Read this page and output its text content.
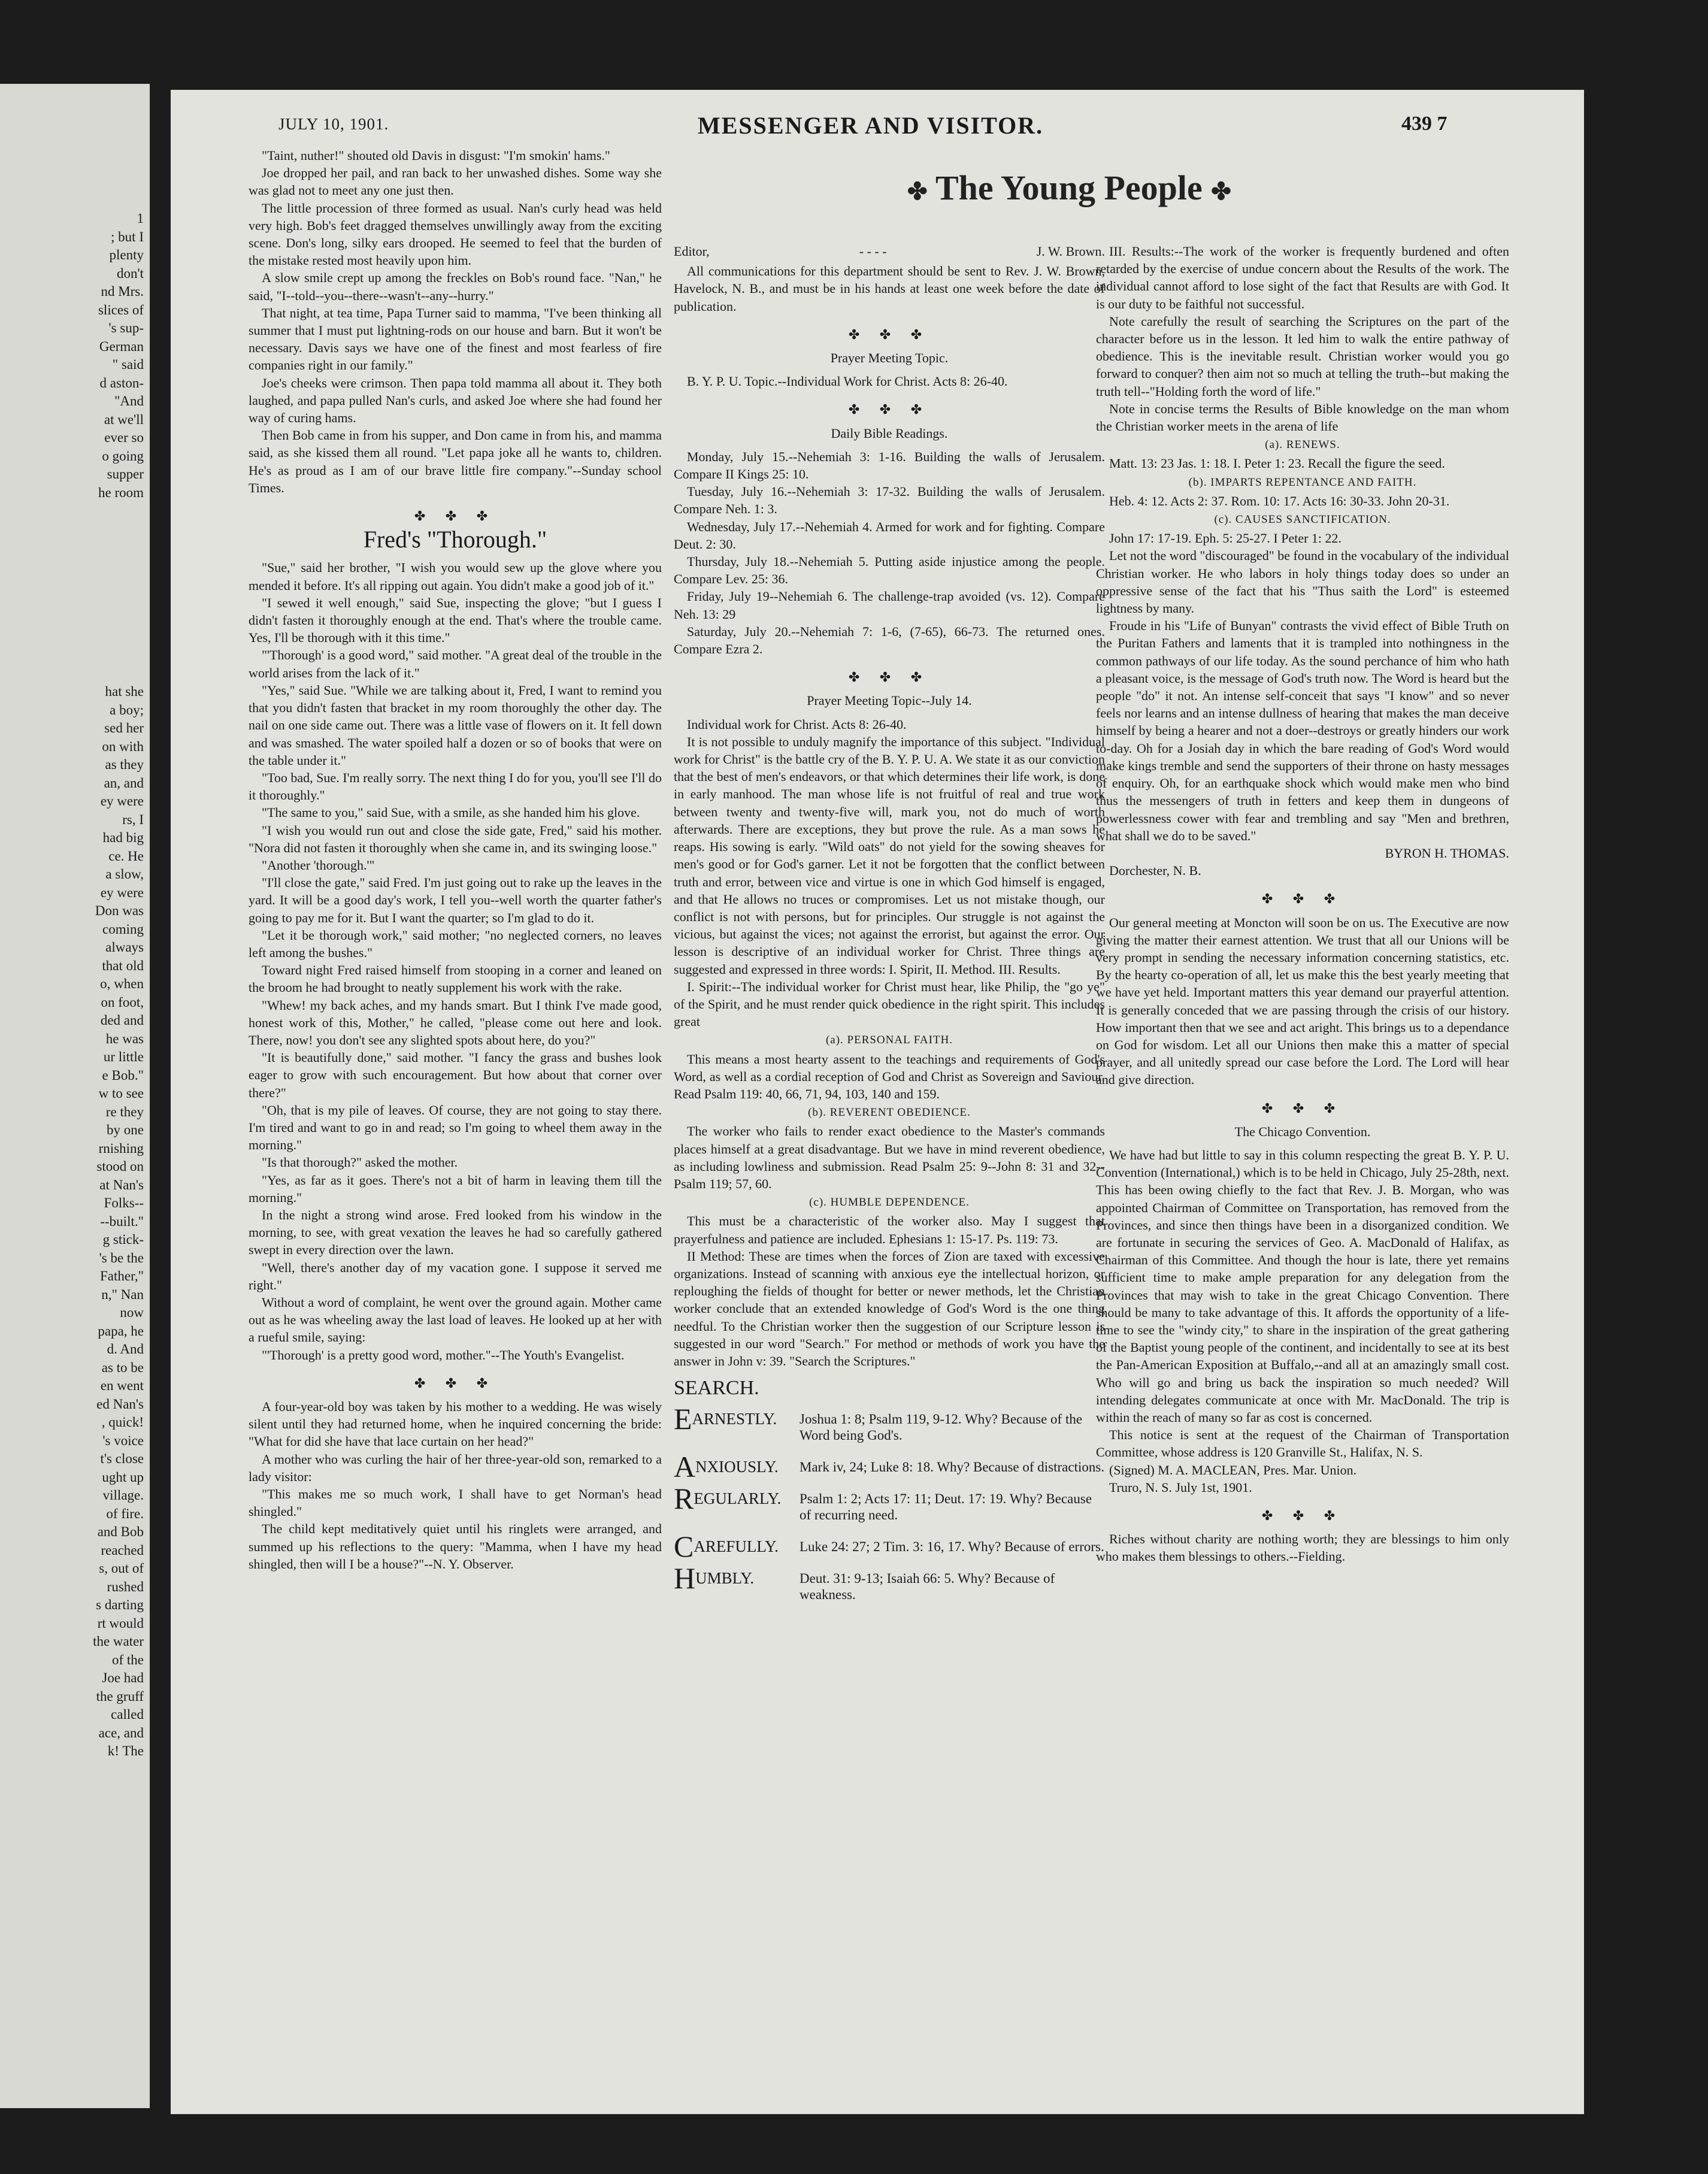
1
; but I
plenty
don't
nd Mrs.
slices of
's sup-
German
" said
d aston-
"And
at we'll
ever so
o going
supper
he room
hat she
a boy;
sed her
on with
as they
an, and
ey were
rs, I
had big
ce. He
a slow,
ey were
Don was
coming
always
that old
o, when
on foot,
ded and
he was
ur little
e Bob."
w to see
re they
by one
rnishing
stood on
at Nan's
Folks--
--built."
g stick-
's be the
Father,"
n," Nan
now
papa, he
d. And
as to be
en went
ed Nan's
, quick!
's voice
t's close
ught up
village.
of fire.
and Bob
reached
s, out of
rushed
s darting
rt would
the water
of the
Joe had
the gruff
called
ace, and
k! The
JULY 10, 1901.	MESSENGER AND VISITOR.	439 7
✤ The Young People ✤

"Taint, nuther!" shouted old Davis in disgust: "I'm smokin' hams."

Joe dropped her pail, and ran back to her unwashed dishes. Some way she was glad not to meet any one just then.

The little procession of three formed as usual. Nan's curly head was held very high. Bob's feet dragged themselves unwillingly away from the exciting scene. Don's long, silky ears drooped. He seemed to feel that the burden of the mistake rested most heavily upon him.

A slow smile crept up among the freckles on Bob's round face. "Nan," he said, "I--told--you--there--wasn't--any--hurry."

That night, at tea time, Papa Turner said to mamma, "I've been thinking all summer that I must put lightning-rods on our house and barn. But it won't be necessary. Davis says we have one of the finest and most fearless of fire companies right in our family."

Joe's cheeks were crimson. Then papa told mamma all about it. They both laughed, and papa pulled Nan's curls, and asked Joe where she had found her way of curing hams.

Then Bob came in from his supper, and Don came in from his, and mamma said, as she kissed them all round. "Let papa joke all he wants to, children. He's as proud as I am of our brave little fire company."--Sunday school Times.

✤ ✤ ✤
Fred's "Thorough."

"Sue," said her brother, "I wish you would sew up the glove where you mended it before. It's all ripping out again. You didn't make a good job of it."

"I sewed it well enough," said Sue, inspecting the glove; "but I guess I didn't fasten it thoroughly enough at the end. That's where the trouble came. Yes, I'll be thorough with it this time."

"'Thorough' is a good word," said mother. "A great deal of the trouble in the world arises from the lack of it."

"Yes," said Sue. "While we are talking about it, Fred, I want to remind you that you didn't fasten that bracket in my room thoroughly the other day. The nail on one side came out. There was a little vase of flowers on it. It fell down and was smashed. The water spoiled half a dozen or so of books that were on the table under it."

"Too bad, Sue. I'm really sorry. The next thing I do for you, you'll see I'll do it thoroughly."

"The same to you," said Sue, with a smile, as she handed him his glove.

"I wish you would run out and close the side gate, Fred," said his mother. "Nora did not fasten it thoroughly when she came in, and its swinging loose."

"Another 'thorough.'"

"I'll close the gate," said Fred. I'm just going out to rake up the leaves in the yard. It will be a good day's work, I tell you--well worth the quarter father's going to pay me for it. But I want the quarter; so I'm glad to do it.

"Let it be thorough work," said mother; "no neglected corners, no leaves left among the bushes."

Toward night Fred raised himself from stooping in a corner and leaned on the broom he had brought to neatly supplement his work with the rake.

"Whew! my back aches, and my hands smart. But I think I've made good, honest work of this, Mother," he called, "please come out here and look. There, now! you don't see any slighted spots about here, do you?"

"It is beautifully done," said mother. "I fancy the grass and bushes look eager to grow with such encouragement. But how about that corner over there?"

"Oh, that is my pile of leaves. Of course, they are not going to stay there. I'm tired and want to go in and read; so I'm going to wheel them away in the morning."

"Is that thorough?" asked the mother.

"Yes, as far as it goes. There's not a bit of harm in leaving them till the morning."

In the night a strong wind arose. Fred looked from his window in the morning, to see, with great vexation the leaves he had so carefully gathered swept in every direction over the lawn.

"Well, there's another day of my vacation gone. I suppose it served me right."

Without a word of complaint, he went over the ground again. Mother came out as he was wheeling away the last load of leaves. He looked up at her with a rueful smile, saying:

"'Thorough' is a pretty good word, mother."--The Youth's Evangelist.

✤ ✤ ✤

A four-year-old boy was taken by his mother to a wedding. He was wisely silent until they had returned home, when he inquired concerning the bride: "What for did she have that lace curtain on her head?"

A mother who was curling the hair of her three-year-old son, remarked to a lady visitor:

"This makes me so much work, I shall have to get Norman's head shingled."

The child kept meditatively quiet until his ringlets were arranged, and summed up his reflections to the query: "Mamma, when I have my head shingled, then will I be a house?"--N. Y. Observer.

Editor,	- - - -	J. W. Brown.

All communications for this department should be sent to Rev. J. W. Brown, Havelock, N. B., and must be in his hands at least one week before the date of publication.

✤ ✤ ✤
Prayer Meeting Topic.

B. Y. P. U. Topic.--Individual Work for Christ. Acts 8: 26-40.

✤ ✤ ✤
Daily Bible Readings.

Monday, July 15.--Nehemiah 3: 1-16. Building the walls of Jerusalem. Compare II Kings 25: 10.

Tuesday, July 16.--Nehemiah 3: 17-32. Building the walls of Jerusalem. Compare Neh. 1: 3.

Wednesday, July 17.--Nehemiah 4. Armed for work and for fighting. Compare Deut. 2: 30.

Thursday, July 18.--Nehemiah 5. Putting aside injustice among the people. Compare Lev. 25: 36.

Friday, July 19--Nehemiah 6. The challenge-trap avoided (vs. 12). Compare Neh. 13: 29

Saturday, July 20.--Nehemiah 7: 1-6, (7-65), 66-73. The returned ones. Compare Ezra 2.

✤ ✤ ✤
Prayer Meeting Topic--July 14.

Individual work for Christ. Acts 8: 26-40.

It is not possible to unduly magnify the importance of this subject. "Individual work for Christ" is the battle cry of the B. Y. P. U. A. We state it as our conviction that the best of men's endeavors, or that which determines their life work, is done in early manhood. The man whose life is not fruitful of real and true work between twenty and twenty-five will, mark you, not do much of worth afterwards. There are exceptions, they but prove the rule. As a man sows he reaps. His sowing is early. "Wild oats" do not yield for the sowing sheaves for men's good or for God's garner. Let it not be forgotten that the conflict between truth and error, between vice and virtue is one in which God himself is engaged, and that He allows no truces or compromises. Let us not mistake though, our conflict is not with persons, but for principles. Our struggle is not against the vicious, but against the vices; not against the errorist, but against the error. Our lesson is descriptive of an individual worker for Christ. Three things are suggested and expressed in three words: I. Spirit, II. Method. III. Results.

I. Spirit:--The individual worker for Christ must hear, like Philip, the "go ye" of the Spirit, and he must render quick obedience in the right spirit. This includes great

(a). PERSONAL FAITH.

This means a most hearty assent to the teachings and requirements of God's Word, as well as a cordial reception of God and Christ as Sovereign and Saviour. Read Psalm 119: 40, 66, 71, 94, 103, 140 and 159.

(b). REVERENT OBEDIENCE.

The worker who fails to render exact obedience to the Master's commands places himself at a great disadvantage. But we have in mind reverent obedience, as including lowliness and submission. Read Psalm 25: 9--John 8: 31 and 32--Psalm 119; 57, 60.

(c). HUMBLE DEPENDENCE.

This must be a characteristic of the worker also. May I suggest that prayerfulness and patience are included. Ephesians 1: 15-17. Ps. 119: 73.

II Method: These are times when the forces of Zion are taxed with excessive organizations. Instead of scanning with anxious eye the intellectual horizon, or reploughing the fields of thought for better or newer methods, let the Christian worker conclude that an extended knowledge of God's Word is the one thing needful. To the Christian worker then the suggestion of our Scripture lesson is suggested in our word "Search." For method or methods of work you have the answer in John v: 39. "Search the Scriptures."

SEARCH.
EARNESTLY.	Joshua 1: 8; Psalm 119, 9-12. Why? Because of the Word being God's.
ANXIOUSLY.	Mark iv, 24; Luke 8: 18. Why? Because of distractions.
REGULARLY.	Psalm 1: 2; Acts 17: 11; Deut. 17: 19. Why? Because of recurring need.
CAREFULLY.	Luke 24: 27; 2 Tim. 3: 16, 17. Why? Because of errors.
HUMBLY.	Deut. 31: 9-13; Isaiah 66: 5. Why? Because of weakness.

III. Results:--The work of the worker is frequently burdened and often retarded by the exercise of undue concern about the Results of the work. The individual cannot afford to lose sight of the fact that Results are with God. It is our duty to be faithful not successful.

Note carefully the result of searching the Scriptures on the part of the character before us in the lesson. It led him to walk the entire pathway of obedience. This is the inevitable result. Christian worker would you go forward to conquer? then aim not so much at telling the truth--but making the truth tell--"Holding forth the word of life."

Note in concise terms the Results of Bible knowledge on the man whom the Christian worker meets in the arena of life

(a). RENEWS.

Matt. 13: 23 Jas. 1: 18. I. Peter 1: 23. Recall the figure the seed.

(b). IMPARTS REPENTANCE AND FAITH.

Heb. 4: 12. Acts 2: 37. Rom. 10: 17. Acts 16: 30-33. John 20-31.

(c). CAUSES SANCTIFICATION.

John 17: 17-19. Eph. 5: 25-27. I Peter 1: 22.

Let not the word "discouraged" be found in the vocabulary of the individual Christian worker. He who labors in holy things today does so under an oppressive sense of the fact that his "Thus saith the Lord" is esteemed lightness by many.

Froude in his "Life of Bunyan" contrasts the vivid effect of Bible Truth on the Puritan Fathers and laments that it is trampled into nothingness in the common pathways of our life today. As the sound perchance of him who hath a pleasant voice, is the message of God's truth now. The Word is heard but the people "do" it not. An intense self-conceit that says "I know" and so never feels nor learns and an intense dullness of hearing that makes the man deceive himself by being a hearer and not a doer--destroys or greatly hinders our work to-day. Oh for a Josiah day in which the bare reading of God's Word would make kings tremble and send the supporters of their throne on hasty messages of enquiry. Oh, for an earthquake shock which would make men who bind thus the messengers of truth in fetters and keep them in dungeons of powerlessness cower with fear and trembling and say "Men and brethren, what shall we do to be saved."

BYRON H. THOMAS.

Dorchester, N. B.

✤ ✤ ✤

Our general meeting at Moncton will soon be on us. The Executive are now giving the matter their earnest attention. We trust that all our Unions will be very prompt in sending the necessary information concerning statistics, etc. By the hearty co-operation of all, let us make this the best yearly meeting that we have yet held. Important matters this year demand our prayerful attention. It is generally conceded that we are passing through the crisis of our history. How important then that we see and act aright. This brings us to a dependance on God for wisdom. Let all our Unions then make this a matter of special prayer, and all unitedly spread our case before the Lord. The Lord will hear and give direction.

✤ ✤ ✤
The Chicago Convention.

We have had but little to say in this column respecting the great B. Y. P. U. Convention (International,) which is to be held in Chicago, July 25-28th, next. This has been owing chiefly to the fact that Rev. J. B. Morgan, who was appointed Chairman of Committee on Transportation, has removed from the Provinces, and since then things have been in a disorganized condition. We are fortunate in securing the services of Geo. A. MacDonald of Halifax, as Chairman of this Committee. And though the hour is late, there yet remains sufficient time to make ample preparation for any delegation from the Provinces that may wish to take in the great Chicago Convention. There should be many to take advantage of this. It affords the opportunity of a life-time to see the "windy city," to share in the inspiration of the great gathering of the Baptist young people of the continent, and incidentally to see at its best the Pan-American Exposition at Buffalo,--and all at an amazingly small cost. Who will go and bring us back the inspiration so much needed? Will intending delegates communicate at once with Mr. MacDonald. The trip is within the reach of many so far as cost is concerned.

This notice is sent at the request of the Chairman of Transportation Committee, whose address is 120 Granville St., Halifax, N. S.

(Signed) M. A. MACLEAN, Pres. Mar. Union.

Truro, N. S. July 1st, 1901.

✤ ✤ ✤

Riches without charity are nothing worth; they are blessings to him only who makes them blessings to others.--Fielding.
